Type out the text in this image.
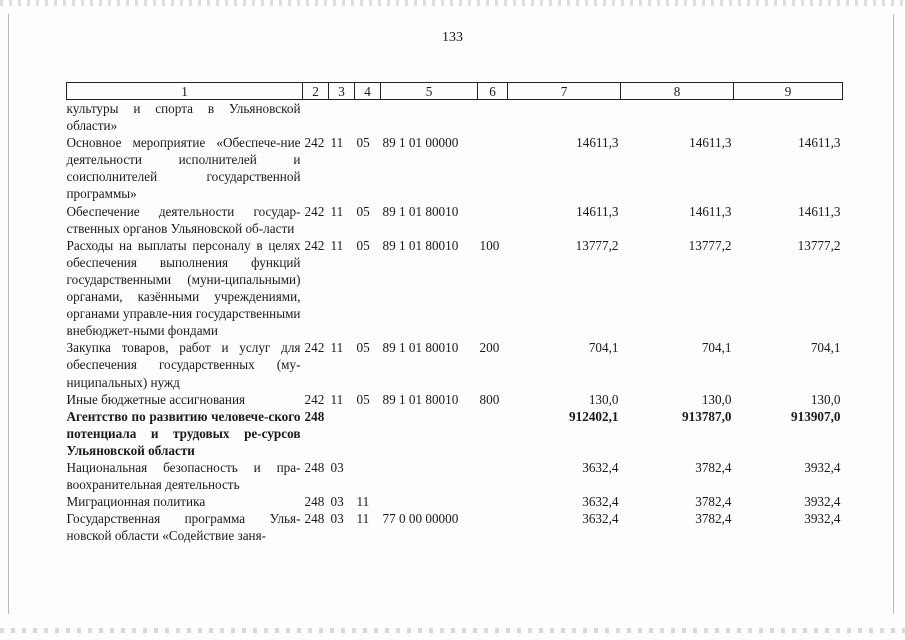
133
1	2	3	4	5	6	7	8	9
культуры и спорта в Ульяновской области»								
Основное мероприятие «Обеспече-ние деятельности исполнителей и соисполнителей государственной программы»	242	11	05	89 1 01 00000		14611,3	14611,3	14611,3
Обеспечение деятельности государ-ственных органов Ульяновской об-ласти	242	11	05	89 1 01 80010		14611,3	14611,3	14611,3
Расходы на выплаты персоналу в целях обеспечения выполнения функций государственными (муни-ципальными) органами, казёнными учреждениями, органами управле-ния государственными внебюджет-ными фондами	242	11	05	89 1 01 80010	100	13777,2	13777,2	13777,2
Закупка товаров, работ и услуг для обеспечения государственных (му-ниципальных) нужд	242	11	05	89 1 01 80010	200	704,1	704,1	704,1
Иные бюджетные ассигнования	242	11	05	89 1 01 80010	800	130,0	130,0	130,0
Агентство по развитию человече-ского потенциала и трудовых ре-сурсов Ульяновской области	248					912402,1	913787,0	913907,0
Национальная безопасность и пра-воохранительная деятельность	248	03				3632,4	3782,4	3932,4
Миграционная политика	248	03	11			3632,4	3782,4	3932,4
Государственная программа Улья-новской области «Содействие заня-	248	03	11	77 0 00 00000		3632,4	3782,4	3932,4
